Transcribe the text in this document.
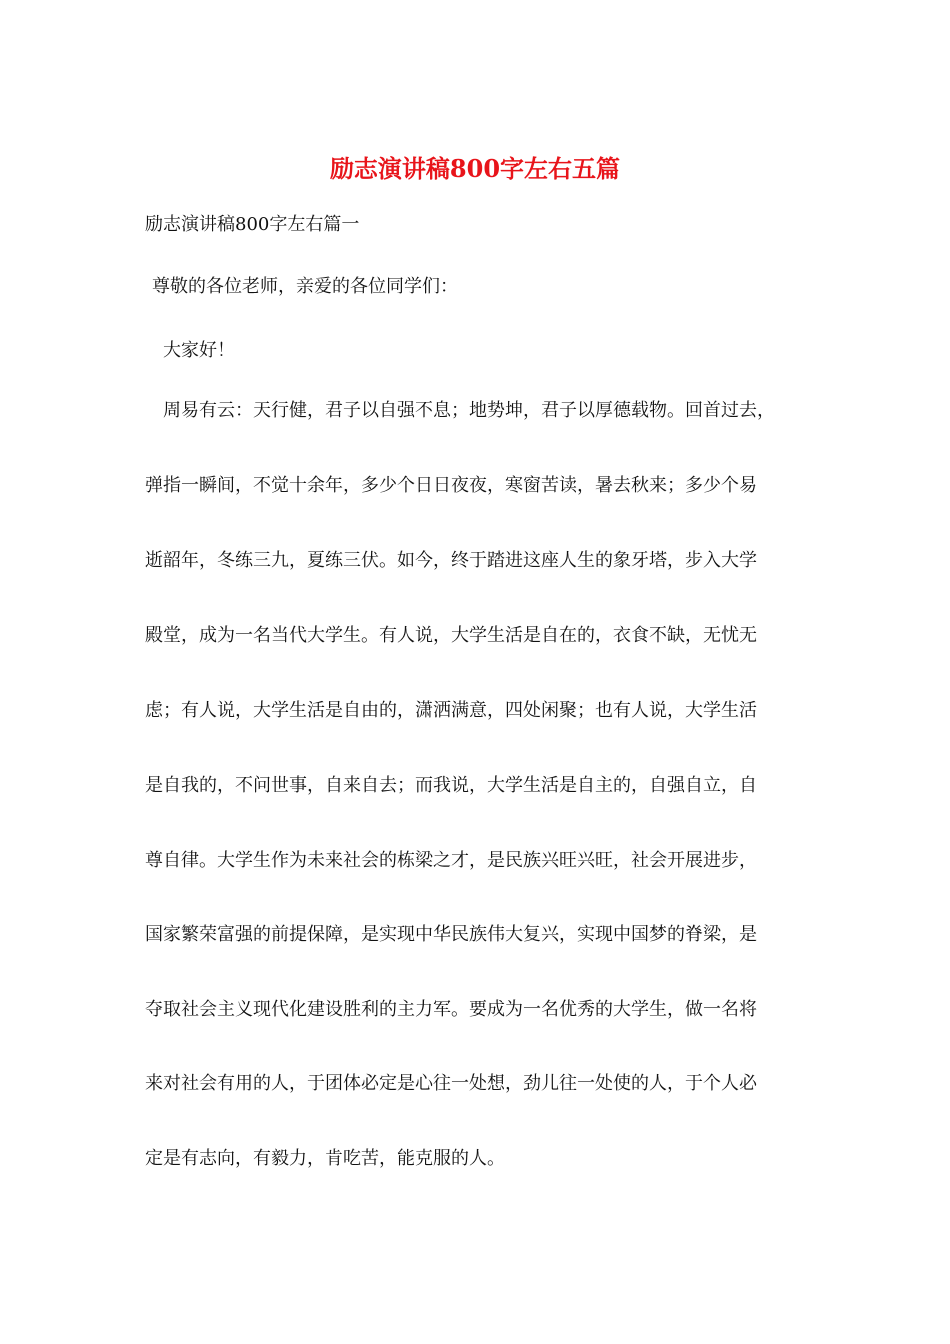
励志演讲稿800字左右五篇

励志演讲稿800字左右篇一

尊敬的各位老师，亲爱的各位同学们：

大家好！

周易有云：天行健，君子以自强不息；地势坤，君子以厚德载物。回首过去，

弹指一瞬间，不觉十余年，多少个日日夜夜，寒窗苦读，暑去秋来；多少个易

逝韶年，冬练三九，夏练三伏。如今，终于踏进这座人生的象牙塔，步入大学

殿堂，成为一名当代大学生。有人说，大学生活是自在的，衣食不缺，无忧无

虑；有人说，大学生活是自由的，潇洒满意，四处闲聚；也有人说，大学生活

是自我的，不问世事，自来自去；而我说，大学生活是自主的，自强自立，自

尊自律。大学生作为未来社会的栋梁之才，是民族兴旺兴旺，社会开展进步，

国家繁荣富强的前提保障，是实现中华民族伟大复兴，实现中国梦的脊梁，是

夺取社会主义现代化建设胜利的主力军。要成为一名优秀的大学生，做一名将

来对社会有用的人，于团体必定是心往一处想，劲儿往一处使的人，于个人必

定是有志向，有毅力，肯吃苦，能克服的人。
